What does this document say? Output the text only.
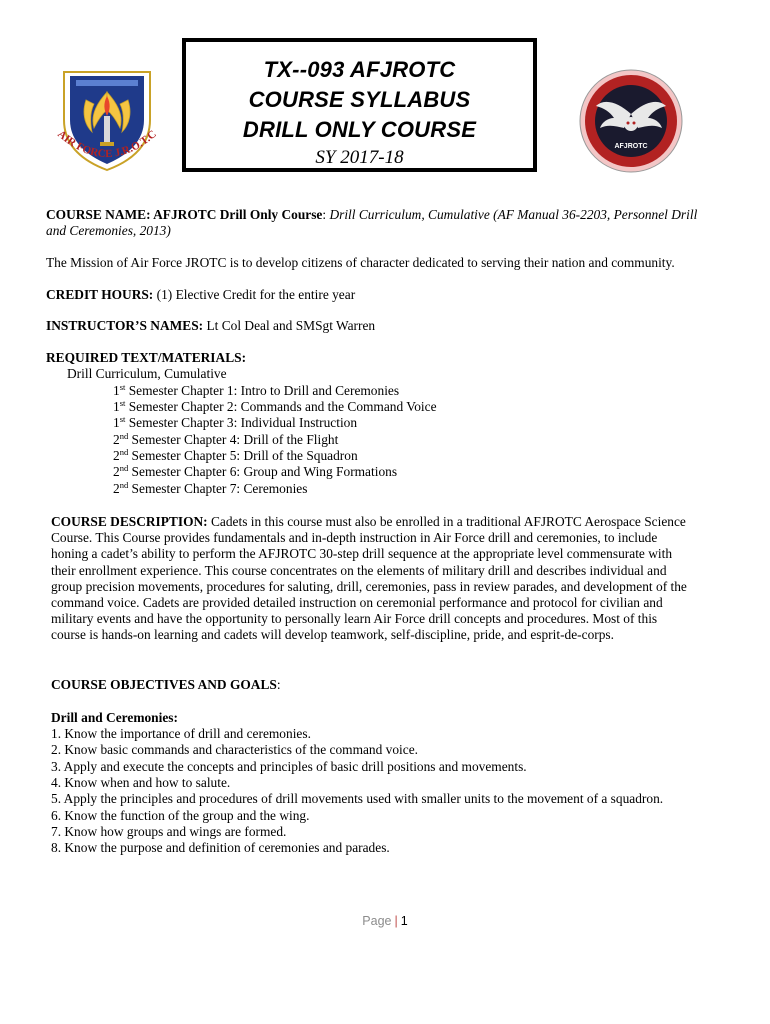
AIR FORCE J.R.O.T.C
TX--093 AFJROTC
COURSE SYLLABUS
DRILL ONLY COURSE
SY 2017-18
AFJROTC
COURSE NAME: AFJROTC Drill Only Course: Drill Curriculum, Cumulative (AF Manual 36-2203, Personnel Drill and Ceremonies, 2013)
The Mission of Air Force JROTC is to develop citizens of character dedicated to serving their nation and community.
CREDIT HOURS: (1) Elective Credit for the entire year
INSTRUCTOR’S NAMES: Lt Col Deal and SMSgt Warren
REQUIRED TEXT/MATERIALS:
Drill Curriculum, Cumulative
1st Semester Chapter 1: Intro to Drill and Ceremonies
1st Semester Chapter 2: Commands and the Command Voice
1st Semester Chapter 3: Individual Instruction
2nd Semester Chapter 4: Drill of the Flight
2nd Semester Chapter 5: Drill of the Squadron
2nd Semester Chapter 6: Group and Wing Formations
2nd Semester Chapter 7: Ceremonies
COURSE DESCRIPTION: Cadets in this course must also be enrolled in a traditional AFJROTC Aerospace Science Course. This Course provides fundamentals and in-depth instruction in Air Force drill and ceremonies, to include honing a cadet’s ability to perform the AFJROTC 30-step drill sequence at the appropriate level commensurate with their enrollment experience. This course concentrates on the elements of military drill and describes individual and group precision movements, procedures for saluting, drill, ceremonies, pass in review parades, and development of the command voice. Cadets are provided detailed instruction on ceremonial performance and protocol for civilian and military events and have the opportunity to personally learn Air Force drill concepts and procedures. Most of this course is hands-on learning and cadets will develop teamwork, self-discipline, pride, and esprit-de-corps.
COURSE OBJECTIVES AND GOALS:
Drill and Ceremonies:
1. Know the importance of drill and ceremonies.
2. Know basic commands and characteristics of the command voice.
3. Apply and execute the concepts and principles of basic drill positions and movements.
4. Know when and how to salute.
5. Apply the principles and procedures of drill movements used with smaller units to the movement of a squadron.
6. Know the function of the group and the wing.
7. Know how groups and wings are formed.
8. Know the purpose and definition of ceremonies and parades.
Page | 1
